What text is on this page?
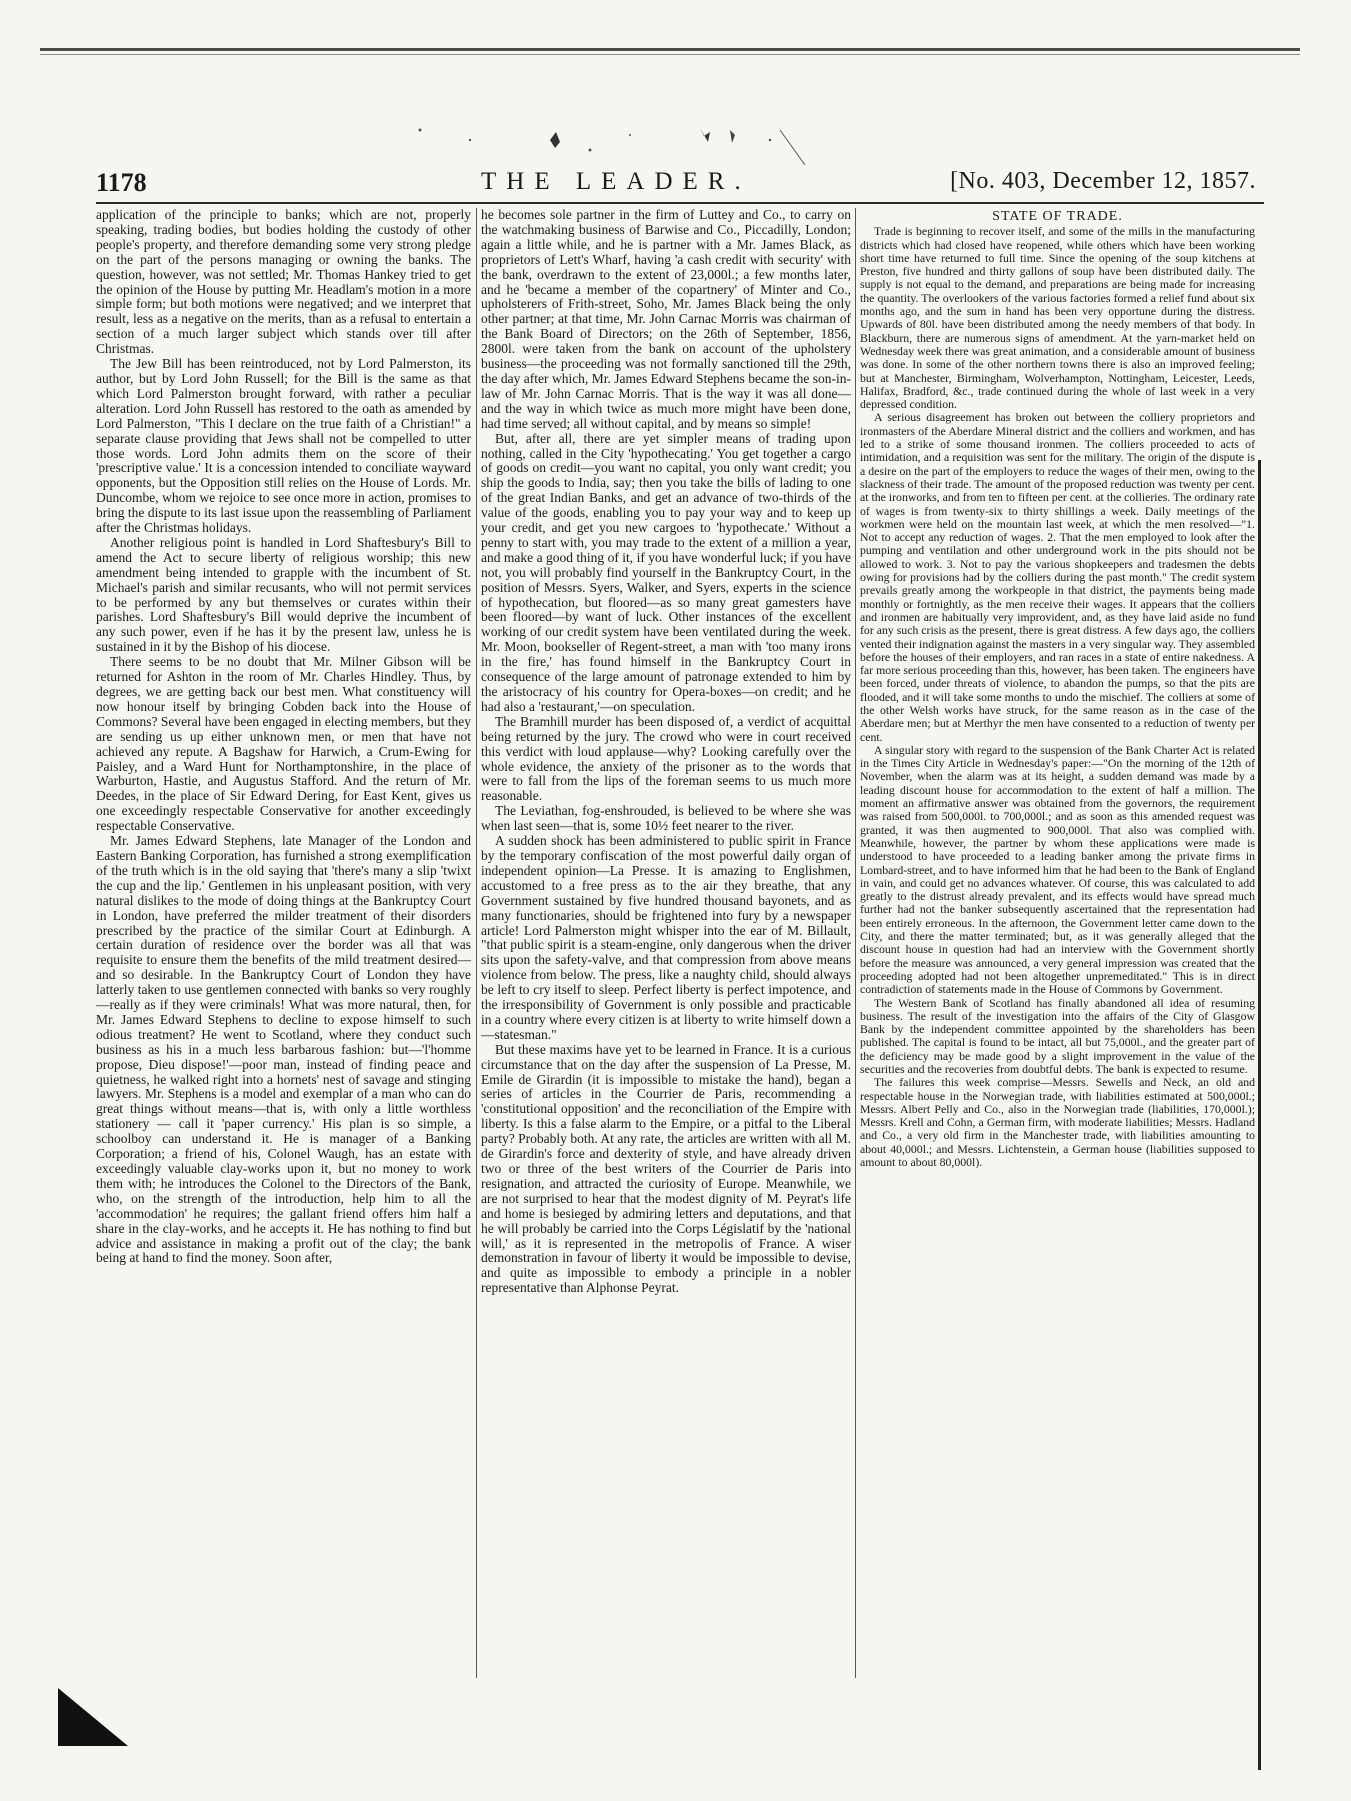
1178	THE LEADER.	[No. 403, December 12, 1857.

application of the principle to banks; which are not, properly speaking, trading bodies, but bodies holding the custody of other people's property, and therefore demanding some very strong pledge on the part of the persons managing or owning the banks. The question, however, was not settled; Mr. Thomas Hankey tried to get the opinion of the House by putting Mr. Headlam's motion in a more simple form; but both motions were negatived; and we interpret that result, less as a negative on the merits, than as a refusal to entertain a section of a much larger subject which stands over till after Christmas.

The Jew Bill has been reintroduced, not by Lord Palmerston, its author, but by Lord John Russell; for the Bill is the same as that which Lord Palmerston brought forward, with rather a peculiar alteration. Lord John Russell has restored to the oath as amended by Lord Palmerston, "This I declare on the true faith of a Christian!" a separate clause providing that Jews shall not be compelled to utter those words. Lord John admits them on the score of their 'prescriptive value.' It is a concession intended to conciliate wayward opponents, but the Opposition still relies on the House of Lords. Mr. Duncombe, whom we rejoice to see once more in action, promises to bring the dispute to its last issue upon the reassembling of Parliament after the Christmas holidays.

Another religious point is handled in Lord Shaftesbury's Bill to amend the Act to secure liberty of religious worship; this new amendment being intended to grapple with the incumbent of St. Michael's parish and similar recusants, who will not permit services to be performed by any but themselves or curates within their parishes. Lord Shaftesbury's Bill would deprive the incumbent of any such power, even if he has it by the present law, unless he is sustained in it by the Bishop of his diocese.

There seems to be no doubt that Mr. Milner Gibson will be returned for Ashton in the room of Mr. Charles Hindley. Thus, by degrees, we are getting back our best men. What constituency will now honour itself by bringing Cobden back into the House of Commons? Several have been engaged in electing members, but they are sending us up either unknown men, or men that have not achieved any repute. A Bagshaw for Harwich, a Crum-Ewing for Paisley, and a Ward Hunt for Northamptonshire, in the place of Warburton, Hastie, and Augustus Stafford. And the return of Mr. Deedes, in the place of Sir Edward Dering, for East Kent, gives us one exceedingly respectable Conservative for another exceedingly respectable Conservative.

Mr. James Edward Stephens, late Manager of the London and Eastern Banking Corporation, has furnished a strong exemplification of the truth which is in the old saying that 'there's many a slip 'twixt the cup and the lip.' Gentlemen in his unpleasant position, with very natural dislikes to the mode of doing things at the Bankruptcy Court in London, have preferred the milder treatment of their disorders prescribed by the practice of the similar Court at Edinburgh. A certain duration of residence over the border was all that was requisite to ensure them the benefits of the mild treatment desired—and so desirable. In the Bankruptcy Court of London they have latterly taken to use gentlemen connected with banks so very roughly—really as if they were criminals! What was more natural, then, for Mr. James Edward Stephens to decline to expose himself to such odious treatment? He went to Scotland, where they conduct such business as his in a much less barbarous fashion: but—'l'homme propose, Dieu dispose!'—poor man, instead of finding peace and quietness, he walked right into a hornets' nest of savage and stinging lawyers. Mr. Stephens is a model and exemplar of a man who can do great things without means—that is, with only a little worthless stationery — call it 'paper currency.' His plan is so simple, a schoolboy can understand it. He is manager of a Banking Corporation; a friend of his, Colonel Waugh, has an estate with exceedingly valuable clay-works upon it, but no money to work them with; he introduces the Colonel to the Directors of the Bank, who, on the strength of the introduction, help him to all the 'accommodation' he requires; the gallant friend offers him half a share in the clay-works, and he accepts it. He has nothing to find but advice and assistance in making a profit out of the clay; the bank being at hand to find the money. Soon after,

he becomes sole partner in the firm of Luttey and Co., to carry on the watchmaking business of Barwise and Co., Piccadilly, London; again a little while, and he is partner with a Mr. James Black, as proprietors of Lett's Wharf, having 'a cash credit with security' with the bank, overdrawn to the extent of 23,000l.; a few months later, and he 'became a member of the copartnery' of Minter and Co., upholsterers of Frith-street, Soho, Mr. James Black being the only other partner; at that time, Mr. John Carnac Morris was chairman of the Bank Board of Directors; on the 26th of September, 1856, 2800l. were taken from the bank on account of the upholstery business—the proceeding was not formally sanctioned till the 29th, the day after which, Mr. James Edward Stephens became the son-in-law of Mr. John Carnac Morris. That is the way it was all done—and the way in which twice as much more might have been done, had time served; all without capital, and by means so simple!

But, after all, there are yet simpler means of trading upon nothing, called in the City 'hypothecating.' You get together a cargo of goods on credit—you want no capital, you only want credit; you ship the goods to India, say; then you take the bills of lading to one of the great Indian Banks, and get an advance of two-thirds of the value of the goods, enabling you to pay your way and to keep up your credit, and get you new cargoes to 'hypothecate.' Without a penny to start with, you may trade to the extent of a million a year, and make a good thing of it, if you have wonderful luck; if you have not, you will probably find yourself in the Bankruptcy Court, in the position of Messrs. Syers, Walker, and Syers, experts in the science of hypothecation, but floored—as so many great gamesters have been floored—by want of luck. Other instances of the excellent working of our credit system have been ventilated during the week. Mr. Moon, bookseller of Regent-street, a man with 'too many irons in the fire,' has found himself in the Bankruptcy Court in consequence of the large amount of patronage extended to him by the aristocracy of his country for Opera-boxes—on credit; and he had also a 'restaurant,'—on speculation.

The Bramhill murder has been disposed of, a verdict of acquittal being returned by the jury. The crowd who were in court received this verdict with loud applause—why? Looking carefully over the whole evidence, the anxiety of the prisoner as to the words that were to fall from the lips of the foreman seems to us much more reasonable.

The Leviathan, fog-enshrouded, is believed to be where she was when last seen—that is, some 10½ feet nearer to the river.

A sudden shock has been administered to public spirit in France by the temporary confiscation of the most powerful daily organ of independent opinion—La Presse. It is amazing to Englishmen, accustomed to a free press as to the air they breathe, that any Government sustained by five hundred thousand bayonets, and as many functionaries, should be frightened into fury by a newspaper article! Lord Palmerston might whisper into the ear of M. Billault, "that public spirit is a steam-engine, only dangerous when the driver sits upon the safety-valve, and that compression from above means violence from below. The press, like a naughty child, should always be left to cry itself to sleep. Perfect liberty is perfect impotence, and the irresponsibility of Government is only possible and practicable in a country where every citizen is at liberty to write himself down a—statesman."

But these maxims have yet to be learned in France. It is a curious circumstance that on the day after the suspension of La Presse, M. Emile de Girardin (it is impossible to mistake the hand), began a series of articles in the Courrier de Paris, recommending a 'constitutional opposition' and the reconciliation of the Empire with liberty. Is this a false alarm to the Empire, or a pitfal to the Liberal party? Probably both. At any rate, the articles are written with all M. de Girardin's force and dexterity of style, and have already driven two or three of the best writers of the Courrier de Paris into resignation, and attracted the curiosity of Europe. Meanwhile, we are not surprised to hear that the modest dignity of M. Peyrat's life and home is besieged by admiring letters and deputations, and that he will probably be carried into the Corps Législatif by the 'national will,' as it is represented in the metropolis of France. A wiser demonstration in favour of liberty it would be impossible to devise, and quite as impossible to embody a principle in a nobler representative than Alphonse Peyrat.

STATE OF TRADE.

Trade is beginning to recover itself, and some of the mills in the manufacturing districts which had closed have reopened, while others which have been working short time have returned to full time. Since the opening of the soup kitchens at Preston, five hundred and thirty gallons of soup have been distributed daily. The supply is not equal to the demand, and preparations are being made for increasing the quantity. The overlookers of the various factories formed a relief fund about six months ago, and the sum in hand has been very opportune during the distress. Upwards of 80l. have been distributed among the needy members of that body. In Blackburn, there are numerous signs of amendment. At the yarn-market held on Wednesday week there was great animation, and a considerable amount of business was done. In some of the other northern towns there is also an improved feeling; but at Manchester, Birmingham, Wolverhampton, Nottingham, Leicester, Leeds, Halifax, Bradford, &c., trade continued during the whole of last week in a very depressed condition.

A serious disagreement has broken out between the colliery proprietors and ironmasters of the Aberdare Mineral district and the colliers and workmen, and has led to a strike of some thousand ironmen. The colliers proceeded to acts of intimidation, and a requisition was sent for the military. The origin of the dispute is a desire on the part of the employers to reduce the wages of their men, owing to the slackness of their trade. The amount of the proposed reduction was twenty per cent. at the ironworks, and from ten to fifteen per cent. at the collieries. The ordinary rate of wages is from twenty-six to thirty shillings a week. Daily meetings of the workmen were held on the mountain last week, at which the men resolved—"1. Not to accept any reduction of wages. 2. That the men employed to look after the pumping and ventilation and other underground work in the pits should not be allowed to work. 3. Not to pay the various shopkeepers and tradesmen the debts owing for provisions had by the colliers during the past month." The credit system prevails greatly among the workpeople in that district, the payments being made monthly or fortnightly, as the men receive their wages. It appears that the colliers and ironmen are habitually very improvident, and, as they have laid aside no fund for any such crisis as the present, there is great distress. A few days ago, the colliers vented their indignation against the masters in a very singular way. They assembled before the houses of their employers, and ran races in a state of entire nakedness. A far more serious proceeding than this, however, has been taken. The engineers have been forced, under threats of violence, to abandon the pumps, so that the pits are flooded, and it will take some months to undo the mischief. The colliers at some of the other Welsh works have struck, for the same reason as in the case of the Aberdare men; but at Merthyr the men have consented to a reduction of twenty per cent.

A singular story with regard to the suspension of the Bank Charter Act is related in the Times City Article in Wednesday's paper:—"On the morning of the 12th of November, when the alarm was at its height, a sudden demand was made by a leading discount house for accommodation to the extent of half a million. The moment an affirmative answer was obtained from the governors, the requirement was raised from 500,000l. to 700,000l.; and as soon as this amended request was granted, it was then augmented to 900,000l. That also was complied with. Meanwhile, however, the partner by whom these applications were made is understood to have proceeded to a leading banker among the private firms in Lombard-street, and to have informed him that he had been to the Bank of England in vain, and could get no advances whatever. Of course, this was calculated to add greatly to the distrust already prevalent, and its effects would have spread much further had not the banker subsequently ascertained that the representation had been entirely erroneous. In the afternoon, the Government letter came down to the City, and there the matter terminated; but, as it was generally alleged that the discount house in question had had an interview with the Government shortly before the measure was announced, a very general impression was created that the proceeding adopted had not been altogether unpremeditated." This is in direct contradiction of statements made in the House of Commons by Government.

The Western Bank of Scotland has finally abandoned all idea of resuming business. The result of the investigation into the affairs of the City of Glasgow Bank by the independent committee appointed by the shareholders has been published. The capital is found to be intact, all but 75,000l., and the greater part of the deficiency may be made good by a slight improvement in the value of the securities and the recoveries from doubtful debts. The bank is expected to resume.

The failures this week comprise—Messrs. Sewells and Neck, an old and respectable house in the Norwegian trade, with liabilities estimated at 500,000l.; Messrs. Albert Pelly and Co., also in the Norwegian trade (liabilities, 170,000l.); Messrs. Krell and Cohn, a German firm, with moderate liabilities; Messrs. Hadland and Co., a very old firm in the Manchester trade, with liabilities amounting to about 40,000l.; and Messrs. Lichtenstein, a German house (liabilities supposed to amount to about 80,000l).
